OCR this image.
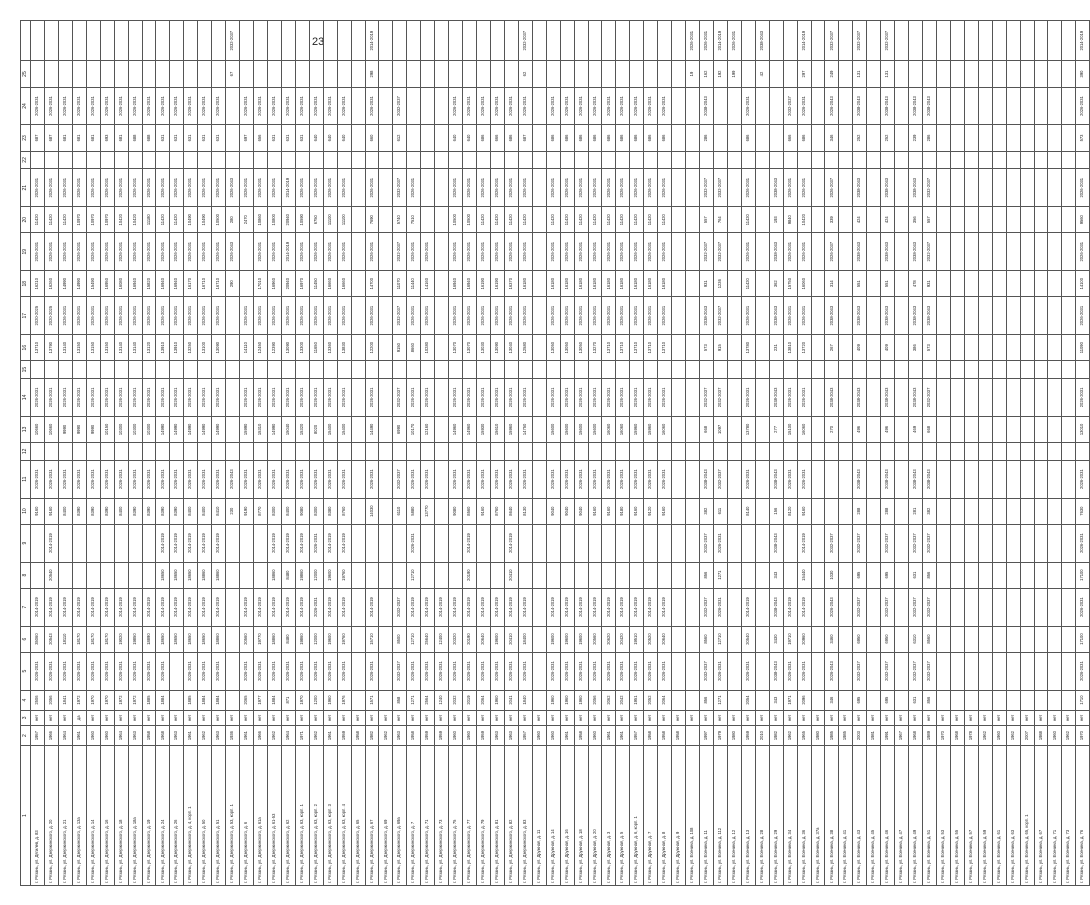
23
1	2	3	4	5	6	7	8	9	10	11	12	13	14	15	16	17	18	19	20	21	22	23	24	25	
г. Рязань, ул. Дягилев, д. 83	1957	нет	2506	2026-2031	35060	2014-2019			9160	2026-2031		10660	2026-2031		13710	2020-2025	16210	2026-2031	11420	2026-2031		687	2026-2031		
г. Рязань, ул. Дзержинского, д. 20	1966	нет	2056	2026-2031	20543	2014-2019	20540	2014-2019	9160	2026-2031		10660	2026-2031		13790	2020-2025	16260	2026-2031	11420	2026-2031		687	2026-2031		
г. Рязань, ул. Дзержинского, д. 21	1964	нет	1841	2026-2031	18110	2014-2019			8400	2026-2031		9990	2026-2031		13140	2026-2031	14990	2026-2031	11420	2026-2031		681	2026-2031		
г. Рязань, ул. Дзержинского, д. 13а	1961	да	1972	2026-2031	18170	2014-2019			8390	2026-2031		9990	2026-2031		13150	2026-2031	14990	2026-2031	10970	2026-2031		681	2026-2031		
г. Рязань, ул. Дзержинского, д. 14	1960	нет	1970	2026-2031	18170	2014-2019			8390	2026-2031		9990	2026-2031		13150	2026-2031	15490	2026-2031	10970	2026-2031		681	2026-2031		
г. Рязань, ул. Дзержинского, д. 16	1960	нет	1970	2026-2031	18170	2014-2019			8390	2026-2031		10150	2026-2031		13150	2026-2031	16950	2026-2031	10970	2026-2031		693	2026-2031		
г. Рязань, ул. Дзержинского, д. 18	1964	нет	1972	2026-2031	19020	2014-2019			8400	2026-2031		10300	2026-2031		13140	2026-2031	16080	2026-2031	10420	2026-2031		681	2026-2031		
г. Рязань, ул. Дзержинского, д. 18а	1963	нет	1972	2026-2031	19850	2014-2019			8390	2026-2031		10300	2026-2031		13140	2026-2031	16940	2026-2031	10420	2026-2031		688	2026-2031		
г. Рязань, ул. Дзержинского, д. 19	1958	нет	1885	2026-2031	18890	2014-2019			8390	2026-2031		10300	2026-2031		13120	2026-2031	15820	2026-2031	11180	2026-2031		688	2026-2031		
г. Рязань, ул. Дзержинского, д. 24	1968	нет	1884	2026-2031	18650	2014-2019	18650	2014-2019	8390	2026-2031		14990	2026-2031		13910	2026-2031	16940	2026-2031	11420	2026-2031		631	2026-2031		
г. Рязань, ул. Дзержинского, д. 26	1963	нет			18650	2014-2019	18650	2014-2019	8390	2026-2031		14990	2026-2031		13910	2026-2031	16940	2026-2031	11420	2026-2031		631	2026-2031		
г. Рязань, ул. Дзержинского, д. 4, корп. 1	1961	нет	1885	2026-2031	18650	2014-2019	18650	2014-2019	8400	2026-2031		14990	2026-2031		13250	2026-2031	16170	2026-2031	10490	2026-2031		631	2026-2031		
г. Рязань, ул. Дзержинского, д. 50	1962	нет	1884	2026-2031	18650	2014-2019	18860	2014-2019	8400	2026-2031		14990	2026-2031		13100	2026-2031	16710	2026-2031	10490	2026-2031		631	2026-2031		
г. Рязань, ул. Дзержинского, д. 51	1963	нет	1884	2026-2031	18860	2014-2019	18860	2014-2019	8410	2026-2031		14990	2026-2031		13090	2026-2031	16710	2026-2031	10500	2026-2031		631	2026-2031		
г. Рязань, ул. Дзержинского, д. 53, корп. 1	1936	нет							230	2026-2043							290	2026-2043	280	2026-2043				67	2032-2037
г. Рязань, ул. Дзержинского, д. 6	1961	нет	2065	2026-2031	20560	2014-2019			9190	2026-2031		15990	2026-2031		14110	2026-2031			2470	2026-2031		697	2026-2031		
г. Рязань, ул. Дзержинского, д. 61а	1966	нет	1977	2026-2031	19770	2014-2019			8770	2026-2031		15310	2026-2031		12450	2026-2031	17010	2026-2031	10860	2026-2031		656	2026-2031		
г. Рязань, ул. Дзержинского, д. 61-53	1962	нет	1884	2026-2031	18860	2014-2019	18860	2014-2019	8300	2026-2031		14990	2026-2031		12390	2026-2031	16960	2026-2031	10800	2026-2031		631	2026-2031		
г. Рязань, ул. Дзержинского, д. 62	1964	нет	871	2026-2031	8480	2014-2019	8480	2014-2019	8400	2026-2031		15040	2026-2031		13090	2026-2031	20940	2014-2019	20940	2014-2019		631	2026-2031		
г. Рязань, ул. Дзержинского, д. 63, корп. 1	1971	нет	1970	2026-2031	19860	2014-2019	19860	2014-2019	9080	2026-2031		15320	2026-2031		13300	2026-2031	16970	2026-2031	10590	2026-2031		631	2026-2031		
г. Рязань, ул. Дзержинского, д. 63, корп. 2	1962	нет	1200	2026-2031	12000	2026-2031	12000	2026-2031	8300	2026-2031		8020	2026-2031		11650	2026-2031	11450	2026-2031	6750	2026-2031		640	2026-2031		
г. Рязань, ул. Дзержинского, д. 63, корп. 3	1961	нет	1960	2026-2031	19600	2014-2019	19600	2014-2019	8380	2026-2031		15400	2026-2031		13360	2026-2031	16660	2026-2031	11100	2026-2031		640	2026-2031		
г. Рязань, ул. Дзержинского, д. 63, корп. 4	1959	нет	1976	2026-2031	19760	2014-2019	19760	2014-2019	8760	2026-2031		15400	2026-2031		13830	2026-2031	16660	2026-2031	11100	2026-2031		640	2026-2031		
г. Рязань, ул. Дзержинского, д. 65	1958	нет																							
г. Рязань, ул. Дзержинского, д. 67	1982	нет	1571	2026-2031	15710	2014-2019			14030	2026-2031		14490	2026-2031		12200	2026-2031	14700	2026-2031	7690	2026-2031		660	2026-2031	298	2014-2019
г. Рязань, ул. Дзержинского, д. 69	1962	нет																							
г. Рязань, ул. Дзержинского, д. 69а	1963	нет	858	2032-2037	8500	2032-2037			6110	2032-2037		6990	2032-2037		9150	2032-2037	11070	2032-2037	5740	2032-2037		612	2032-2037		
г. Рязань, ул. Дзержинского, д. 7	1958	нет	1271	2026-2031	12710	2014-2019	12710	2026-2031	5880	2026-2031		10170	2026-2031		8660	2026-2031	11440	2026-2031	7510	2026-2031					
г. Рязань, ул. Дзержинского, д. 71	1959	нет	2564	2026-2031	25640	2014-2019			13770	2026-2031		12160	2026-2031		10280	2026-2031	14160	2026-2031							
г. Рязань, ул. Дзержинского, д. 73	1959	нет	1240	2026-2031	12400	2014-2019																			
г. Рязань, ул. Дзержинского, д. 75	1960	нет	2032	2026-2031	20320	2014-2019			9080	2026-2031		14960	2026-2031		13070	2026-2031	16940	2026-2031	10500	2026-2031		640	2026-2031		
г. Рязань, ул. Дзержинского, д. 77	1960	нет	2019	2026-2031	20190	2014-2019	20190	2014-2019	8560	2026-2031		14960	2026-2031		13070	2026-2031	16940	2026-2031	10500	2026-2031		640	2026-2031		
г. Рязань, ул. Дзержинского, д. 79	1959	нет	2064	2026-2031	20640	2014-2019			9160	2026-2031		15930	2026-2031		13030	2026-2031	16190	2026-2031	11420	2026-2031		686	2026-2031		
г. Рязань, ул. Дзержинского, д. 81	1963	нет	1960	2026-2031	19600	2014-2019			8760	2026-2031		15610	2026-2031		13090	2026-2031	16190	2026-2031	11420	2026-2031		666	2026-2031		
г. Рязань, ул. Дзержинского, д. 82	1963	нет	2041	2026-2031	20410	2014-2019	20410	2014-2019	8640	2026-2031		15960	2026-2031		13040	2026-2031	16370	2026-2031	11420	2026-2031		686	2026-2031		
г. Рязань, ул. Дзержинского, д. 83	1957	нет	1840	2026-2031	18400	2014-2019			8130	2026-2031		14750	2026-2031		12580	2026-2031	16180	2026-2031	11420	2026-2031		687	2026-2031	62	2032-2037
г. Рязань, ул. Дружная, д. 11	1960	нет																							
г. Рязань, ул. Дружная, д. 14	1960	нет	1960	2026-2031	19600	2014-2019			9040	2026-2031		15600	2026-2031		13050	2026-2031	16180	2026-2031	11420	2026-2031		686	2026-2031		
г. Рязань, ул. Дружная, д. 16	1961	нет	1960	2026-2031	19600	2014-2019			9040	2026-2031		15600	2026-2031		13050	2026-2031	16180	2026-2031	11420	2026-2031		686	2026-2031		
г. Рязань, ул. Дружная, д. 18	1958	нет	1960	2026-2031	19600	2014-2019			9040	2026-2031		15600	2026-2031		13050	2026-2031	16180	2026-2031	11420	2026-2031		686	2026-2031		
г. Рязань, ул. Дружная, д. 20	1960	нет	2056	2026-2031	20560	2014-2019			9160	2026-2031		15600	2026-2031		13270	2026-2031	16180	2026-2031	11420	2026-2031		686	2026-2031		
г. Рязань, ул. Дружная, д. 3	1961	нет	2062	2026-2031	20620	2014-2019			9160	2026-2031		16060	2026-2031		13710	2026-2031	16180	2026-2031	11420	2026-2031		686	2026-2031		
г. Рязань, ул. Дружная, д. 5	1961	нет	2042	2026-2031	20420	2014-2019			9180	2026-2031		16060	2026-2031		13710	2026-2031	16180	2026-2031	11420	2026-2031		686	2026-2031		
г. Рязань, ул. Дружная, д. 6, корп. 1	1957	нет	1951	2026-2031	19510	2014-2019			9160	2026-2031		15960	2026-2031		13710	2026-2031	16180	2026-2031	11420	2026-2031		686	2026-2031		
г. Рязань, ул. Дружная, д. 7	1958	нет	2052	2026-2031	20520	2014-2019			9120	2026-2031		15960	2026-2031		13710	2026-2031	16180	2026-2031	11420	2026-2031		686	2026-2031		
г. Рязань, ул. Дружная, д. 8	1958	нет	2064	2026-2031	20640	2014-2019			9160	2026-2031		16060	2026-2031		13710	2026-2031	16180	2026-2031	11420	2026-2031		686	2026-2031		
г. Рязань, ул. Дружная, д. 9	1958	нет																							
г. Рязань, ул. Есенина, д. 108		нет																						19	2026-2031
г. Рязань, ул. Есенина, д. 11	1997	нет	856	2032-2037	8560	2032-2037	856	2032-2037	382	2038-2043		668	2032-2037		573	2038-2043	931	2032-2037	557	2032-2037		286	2038-2043	162	2026-2031
г. Рязань, ул. Есенина, д. 112	1979	нет	1271	2026-2031	12710	2026-2031	1271	2026-2031	611	2032-2037		1097	2032-2037		915	2032-2037	1236	2032-2037	764	2032-2037				192	2014-2019
г. Рязань, ул. Есенина, д. 12	1980	нет																						199	2026-2031
г. Рязань, ул. Есенина, д. 13	1959	нет	2054	2026-2031	20540	2014-2019			8140	2026-2031		13780	2026-2031		13780	2026-2031	11420	2026-2031	11420	2026-2031		686	2026-2031		
г. Рязань, ул. Есенина, д. 28	2010	нет																						42	2038-2043
г. Рязань, ул. Есенина, д. 29	1982	нет	343	2038-2043	3430	2038-2043	343	2038-2043	156	2038-2043		277	2038-2043		231	2038-2043	362	2038-2043	193	2038-2043					
г. Рязань, ул. Есенина, д. 34	1962	нет	1971	2026-2031	19710	2014-2019			8120	2026-2031		15100	2026-2031		13810	2026-2031	15750	2026-2031	9840	2026-2031		666	2032-2037		
г. Рязань, ул. Есенина, д. 36	1965	нет	2096	2026-2031	20960	2014-2019	15440	2014-2019	9160	2026-2031		16060	2026-2031		13720	2026-2031	16060	2026-2031	10420	2026-2031		686	2026-2031	297	2014-2019
г. Рязань, ул. Есенина, д. 37а	1980	нет																							
г. Рязань, ул. Есенина, д. 38	1985	нет	346	2026-2043	3460	2026-2043	1030	2032-2037				270	2038-2043		267	2038-2043	314	2026-2037	339	2026-2037		346	2026-2043	249	2032-2037
г. Рязань, ул. Есенина, д. 41	1985	нет																							
г. Рязань, ул. Есенина, д. 43	2003	нет	695	2032-2037	6950	2032-2037	695	2032-2037	288	2038-2043		496	2038-2043		409	2038-2043	551	2038-2043	424	2038-2043		252	2038-2043	131	2032-2037
г. Рязань, ул. Есенина, д. 45	1981	нет																							
г. Рязань, ул. Есенина, д. 46	1991	нет	695	2032-2037	6950	2032-2037	695	2032-2037	288	2038-2043		496	2038-2043		409	2038-2043	551	2038-2043	424	2038-2043		252	2038-2043	131	2032-2037
г. Рязань, ул. Есенина, д. 47	1967	нет																							
г. Рязань, ул. Есенина, д. 49	1968	нет	631	2032-2037	6310	2032-2037	631	2032-2037	281	2038-2043		469	2038-2043		386	2038-2043	478	2038-2043	356	2038-2043		239	2038-2043		
г. Рязань, ул. Есенина, д. 51	1989	нет	856	2032-2037	8560	2032-2037	856	2032-2037	382	2038-2043		668	2032-2037		573	2038-2043	931	2032-2037	557	2032-2037		286	2038-2043		
г. Рязань, ул. Есенина, д. 53	1970	нет																							
г. Рязань, ул. Есенина, д. 55	1968	нет																							
г. Рязань, ул. Есенина, д. 57	1978	нет																							
г. Рязань, ул. Есенина, д. 59	1962	нет																							
г. Рязань, ул. Есенина, д. 61	1960	нет																							
г. Рязань, ул. Есенина, д. 63	1962	нет																							
г. Рязань, ул. Есенина, д. 65, корп. 1	2007	нет																							
г. Рязань, ул. Есенина, д. 67	1988	нет																							
г. Рязань, ул. Есенина, д. 71	1960	нет																							
г. Рязань, ул. Есенина, д. 73	1962	нет																							
г. Рязань, ул. Есенина, д. 76	1970	нет	1710	2026-2031	17100	2026-2031	17100	2026-2031	7630	2026-2031		13010	2026-2031		11090	2026-2031	14100	2026-2031	9560	2026-2031		573	2026-2031	390	2014-2019
